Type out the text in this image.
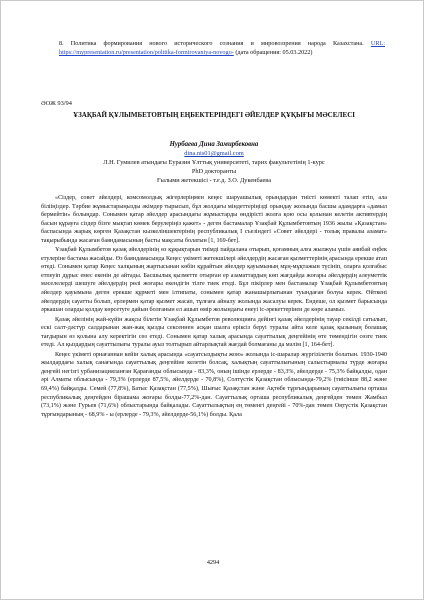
8. Политика формирования нового исторического сознания и мировоззрения народа Казахстана. URL: https://mypresentation.ru/presentation/politika-formirovaniya-novogo- (дата обращения: 05.03.2022)
ӘОЖ 93/94
ҰЗАҚБАЙ ҚҰЛЫМБЕТОВТЫҢ ЕҢБЕКТЕРІНДЕГІ ӘЙЕЛДЕР ҚҰҚЫҒЫ МӘСЕЛЕСІ
Нурбаева Дина Замирбековна
dina.nis01@gmail.com
Л.Н. Гумилев атындағы Еуразия Ұлттық университеті, тарих факультетінің 1-курс
PhD докторанты
Ғылыми жетекшісі - т.ғ.д. З.О. Дукенбаева

«Сіздер, совет әйелдері, комсомолдық жігерлеріңмен кеңес шаруашылық орындардан тиісті көмекті талап етіп, ала білііңіздер. Тәрбие жұмыстарыңызды әкімдер тырысып, бұл жолдағы міндеттеріңізді орындау жолында басшы адамдарға «дамыл бермейтін» болыңдар. Сонымен қатар әйелдер арасындағы жұмыстарды өндірісті жолға қою осы қолынан келетін активтердің басын құрауға сіздер бізге мықтап көмек берулеріңіз қажет» - деген бастамалар Ұзақбай Құлымбетовтың 1936 жылы «Қазақстан» баспасында жарық көрген Қазақстан кызкелiншектерiнiң республикалық I съезіндегі «Совет әйелдері - толық правалы азамат» тақырыбында жасаған баяндамасының басты мақсаты болатын [1, 169-бет].

Ұзақбай Құлымбетов қазақ әйелдерінің өз құқықтарын тиімді пайдалана отырып, қоғамның алға жылжуы үшін аянбай еңбек етулеріне бастама жасайды. Өз баяндамасында Кеңес үкіметі жетекшілері әйелдердің жасаған қызметтерінің арасында ерекше атап өтеді. Сонымен қатар Кеңес халқының жартысынан көбін құрайтын әйелдер қауымының мұң-мұқтажын түсініп, оларға қолғабыс етпеуіп дұрыс емес екенін де айтады. Басшылық қызметте отырған ер азаматтардың көп жағдайда жоғары әйелдердің алеуметтік мәселелерді шешуге әйелдердің рөлі жоғары екендігін тілге тиек етеді. Бұл пікірлер мен бастамалар Ұзақбай Құлымбетовтың әйелдер қауымына деген ерекше құрметі мен ілтипаты, сонымен қатар жанашырлығынан туындаған болуы керек. Өйткені әйелдердің сауатты болып, ерлермен қатар қызмет жасап, тұлғаға айналу жолында жасалуы керек. Ендеше, ол қызмет барысында әркашан оларды қолдау көрсетуге дайын болғанын ел ашып өмір жолындағы енеуі іс-әрекеттерінен де көре аламыз.

Қазақ әйелінің жай-күйін жақсы білетін Ұзақбай Құлымбетов революцияға дейінгі қазақ әйелдерінің тауар секілді сатылып, ескі салт-дәстүр салдарынан жан-жақ қызды сексеннен асқан шалға еріксіз беруі туралы айта келе қазақ қызының болашақ тағдырын өз қолына алу керектігін сөз етеді. Сонымен қатар халық арасында сауаттылық деңгейінің өте төмендігін сөзге тиек етеді. Ал қыздардың сауаттылығы туралы ауыз толтырып айтарлықтай жағдай болмағаны да мәлім [1, 164-бет].

Кеңес үкіметі орнағаннан кейін халық арасында «сауатсыздықты жою» жолында іс-шаралар жүргізілетін болатын. 1930-1940 жылдардағы халық санағында сауаттылық деңгейіне келетін болсақ, халықтың сауаттылығының салыстырмалы түрде жоғары деңгейі негізгі урбанизацияланған Қарағанды облысында - 83,3%, оның ішінде ерлерде - 83,3%, әйелдерде - 75,3% байқалды, одан әрі Алматы облысында - 79,3% (ерлерде 87,5%, әйелдерде - 70,8%), Солтүстік Қазақстан облысында-79,2% (тиісінше 88,2 және 69,4%) байқалды. Семей (77,8%), Батыс Қазақстан (77,5%), Шығыс Қазақстан және Ақтөбе тұрғындарының сауаттылығы орташа республикалық деңгейден бірашама жоғары болды-77,2%-дан. Сауаттылық орташа республикалық деңгейден төмен Жамбыл (73,1%) және Гурьев (71,6%) облыстарында байқалады. Сауаттылықтың ең төменгі деңгейі - 70%-дан төмен Оңтүстік Қазақстан тұрғындарының - 68,9% - ы (ерлерде - 79,3%, әйелдерде-56,1%) болды. Қала

4294
